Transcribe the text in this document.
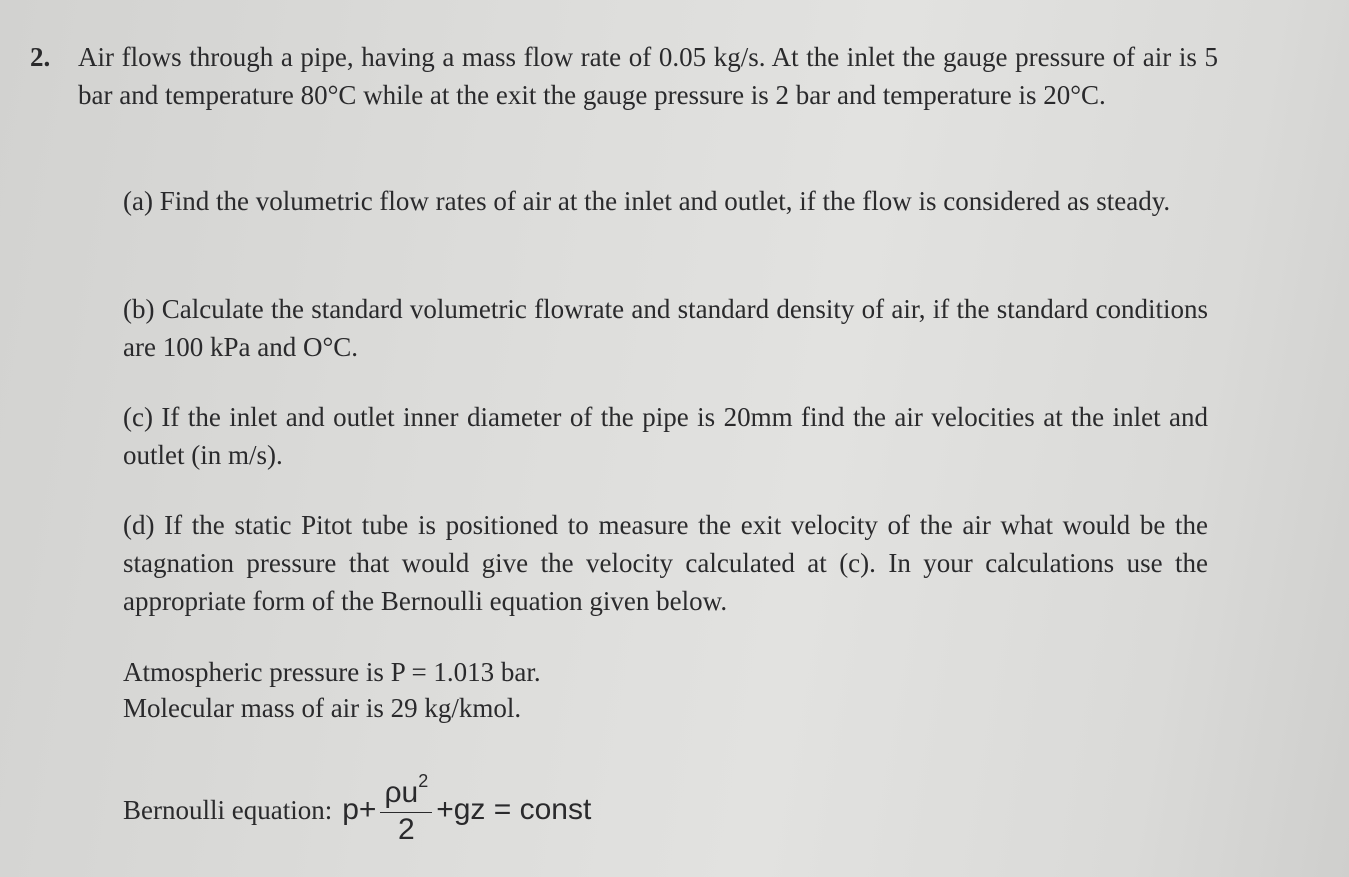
2.	Air flows through a pipe, having a mass flow rate of 0.05 kg/s. At the inlet the gauge pressure of air is 5 bar and temperature 80°C while at the exit the gauge pressure is 2 bar and temperature is 20°C.
(a) Find the volumetric flow rates of air at the inlet and outlet, if the flow is considered as steady.
(b) Calculate the standard volumetric flowrate and standard density of air, if the standard conditions are 100 kPa and O°C.
(c) If the inlet and outlet inner diameter of the pipe is 20mm find the air velocities at the inlet and outlet (in m/s).
(d) If the static Pitot tube is positioned to measure the exit velocity of the air what would be the stagnation pressure that would give the velocity calculated at (c). In your calculations use the appropriate form of the Bernoulli equation given below.
Atmospheric pressure is P = 1.013 bar.
Molecular mass of air is 29 kg/kmol.
Bernoulli equation: $p + \frac{\rho u^2}{2} +gz$ = const
